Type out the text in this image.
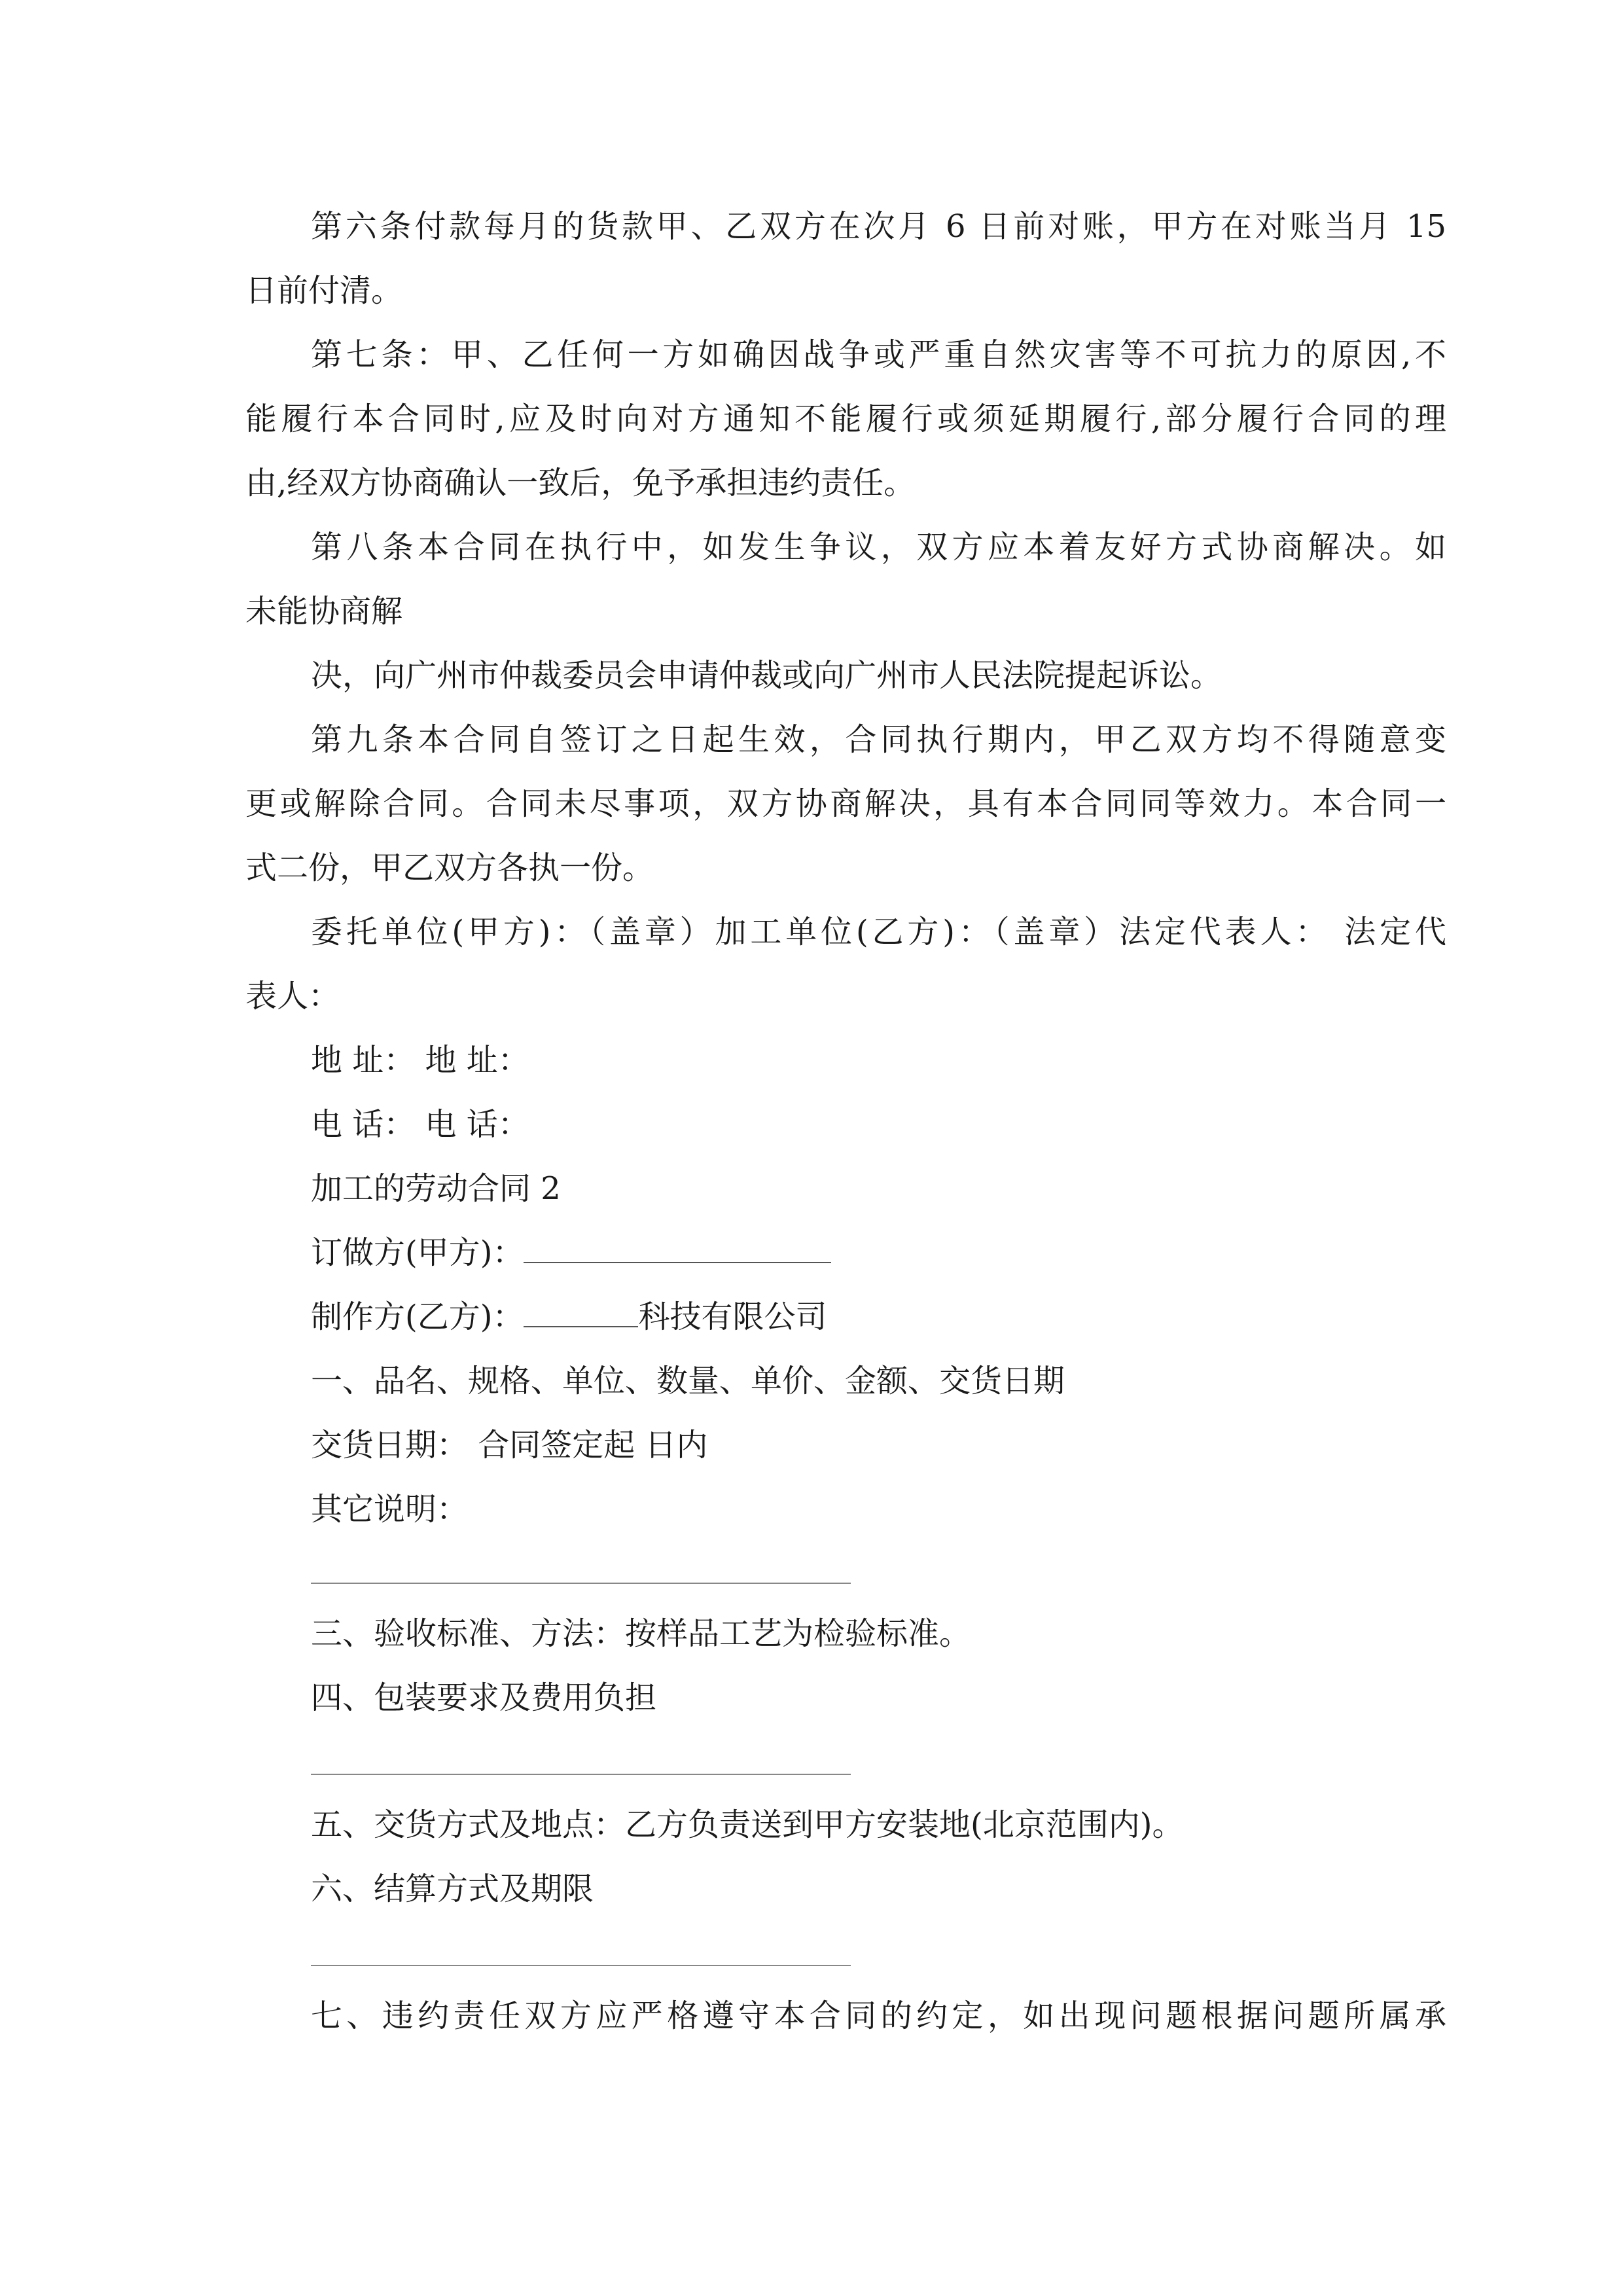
第六条付款每月的货款甲、乙双方在次月 6 日前对账，甲方在对账当月 15
日前付清。
第七条：甲、乙任何一方如确因战争或严重自然灾害等不可抗力的原因,不
能履行本合同时,应及时向对方通知不能履行或须延期履行,部分履行合同的理
由,经双方协商确认一致后，免予承担违约责任。
第八条本合同在执行中，如发生争议，双方应本着友好方式协商解决。如
未能协商解
决，向广州市仲裁委员会申请仲裁或向广州市人民法院提起诉讼。
第九条本合同自签订之日起生效，合同执行期内，甲乙双方均不得随意变
更或解除合同。合同未尽事项，双方协商解决，具有本合同同等效力。本合同一
式二份，甲乙双方各执一份。
委托单位(甲方)：（盖章）加工单位(乙方)：（盖章）法定代表人： 法定代
表人：
地 址： 地 址：
电 话： 电 话：
加工的劳动合同 2
订做方(甲方)：
制作方(乙方)：	科技有限公司
一、品名、规格、单位、数量、单价、金额、交货日期
交货日期： 合同签定起 日内
其它说明：
三、验收标准、方法：按样品工艺为检验标准。
四、包装要求及费用负担
五、交货方式及地点：乙方负责送到甲方安装地(北京范围内)。
六、结算方式及期限
七、违约责任双方应严格遵守本合同的约定，如出现问题根据问题所属承
